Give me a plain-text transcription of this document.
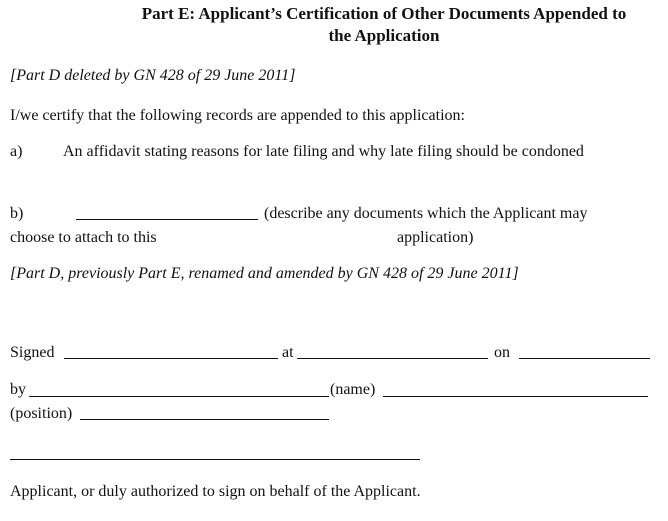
Part E: Applicant’s Certification of Other Documents Appended to
the Application
[Part D deleted by GN 428 of 29 June 2011]
I/we certify that the following records are appended to this application:
a)	An affidavit stating reasons for late filing and why late filing should be condoned
b)	(describe any documents which the Applicant may
choose to attach to this	application)
[Part D, previously Part E, renamed and amended by GN 428 of 29 June 2011]
Signed	at	on
by	(name)
(position)
Applicant, or duly authorized to sign on behalf of the Applicant.
